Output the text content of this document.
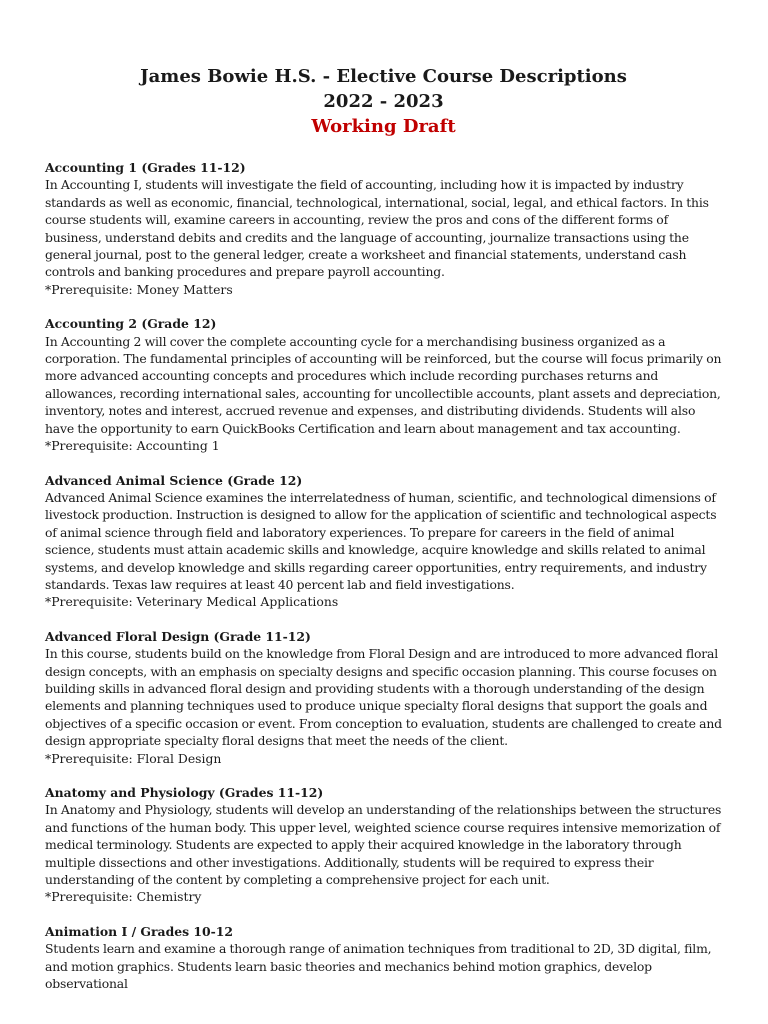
James Bowie H.S. - Elective Course Descriptions
2022 - 2023
Working Draft
Accounting 1 (Grades 11-12)
In Accounting I, students will investigate the field of accounting, including how it is impacted by industry standards as well as economic, financial, technological, international, social, legal, and ethical factors. In this course students will, examine careers in accounting, review the pros and cons of the different forms of business, understand debits and credits and the language of accounting, journalize transactions using the general journal, post to the general ledger, create a worksheet and financial statements, understand cash controls and banking procedures and prepare payroll accounting.
*Prerequisite: Money Matters
Accounting 2 (Grade 12)
In Accounting 2 will cover the complete accounting cycle for a merchandising business organized as a corporation. The fundamental principles of accounting will be reinforced, but the course will focus primarily on more advanced accounting concepts and procedures which include recording purchases returns and allowances, recording international sales, accounting for uncollectible accounts, plant assets and depreciation, inventory, notes and interest, accrued revenue and expenses, and distributing dividends. Students will also have the opportunity to earn QuickBooks Certification and learn about management and tax accounting.
*Prerequisite: Accounting 1
Advanced Animal Science (Grade 12)
Advanced Animal Science examines the interrelatedness of human, scientific, and technological dimensions of livestock production. Instruction is designed to allow for the application of scientific and technological aspects of animal science through field and laboratory experiences. To prepare for careers in the field of animal science, students must attain academic skills and knowledge, acquire knowledge and skills related to animal systems, and develop knowledge and skills regarding career opportunities, entry requirements, and industry standards. Texas law requires at least 40 percent lab and field investigations.
*Prerequisite: Veterinary Medical Applications
Advanced Floral Design (Grade 11-12)
In this course, students build on the knowledge from Floral Design and are introduced to more advanced floral design concepts, with an emphasis on specialty designs and specific occasion planning. This course focuses on building skills in advanced floral design and providing students with a thorough understanding of the design elements and planning techniques used to produce unique specialty floral designs that support the goals and objectives of a specific occasion or event. From conception to evaluation, students are challenged to create and design appropriate specialty floral designs that meet the needs of the client.
*Prerequisite: Floral Design
Anatomy and Physiology (Grades 11-12)
In Anatomy and Physiology, students will develop an understanding of the relationships between the structures and functions of the human body. This upper level, weighted science course requires intensive memorization of medical terminology. Students are expected to apply their acquired knowledge in the laboratory through multiple dissections and other investigations. Additionally, students will be required to express their understanding of the content by completing a comprehensive project for each unit.
*Prerequisite: Chemistry
Animation I / Grades 10-12
Students learn and examine a thorough range of animation techniques from traditional to 2D, 3D digital, film, and motion graphics. Students learn basic theories and mechanics behind motion graphics, develop observational
